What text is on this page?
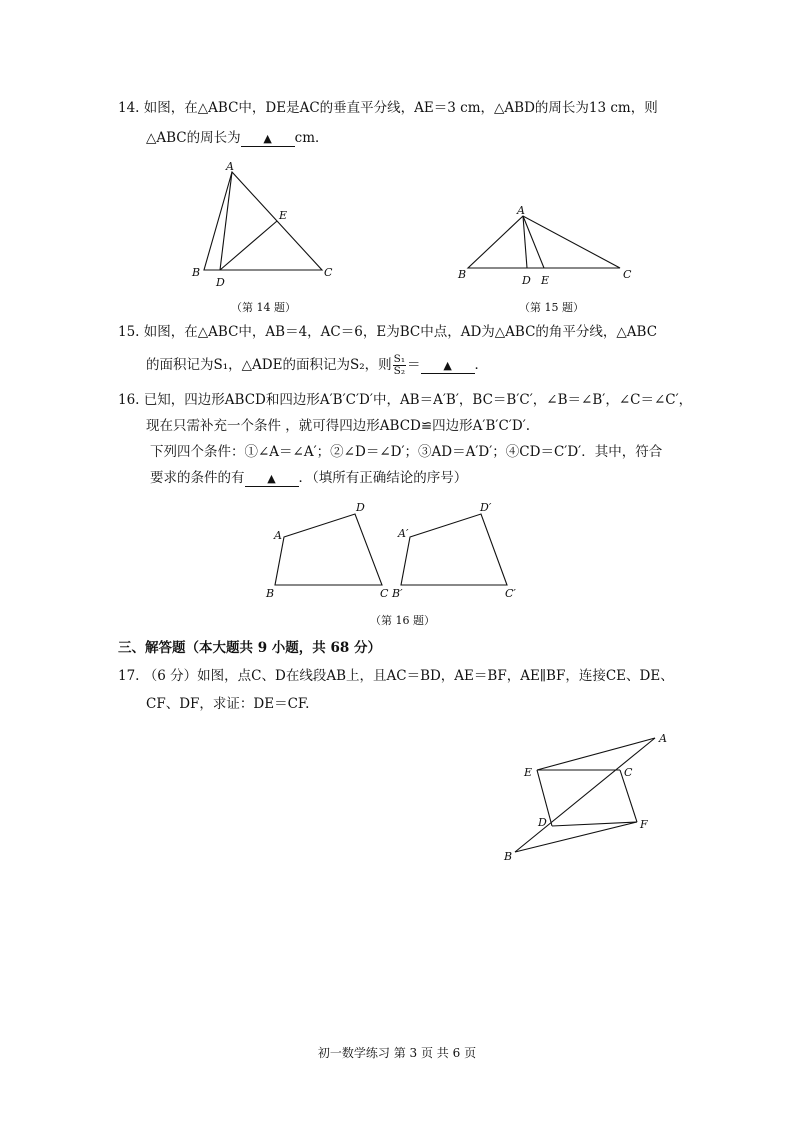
14. 如图，在△ABC中，DE是AC的垂直平分线，AE＝3 cm，△ABD的周长为13 cm，则
△ABC的周长为 ▲ cm．
A
B	C
D
E
（第 14 题）
A
B	C
D E
（第 15 题）
15. 如图，在△ABC中，AB＝4，AC＝6，E为BC中点，AD为△ABC的角平分线，△ABC
的面积记为S₁，△ADE的面积记为S₂，则 $\frac{\text{S₁}}{\text{S₂}}$ ＝ ▲ ．
16. 已知，四边形ABCD和四边形A′B′C′D′中，AB＝A′B′，BC＝B′C′，∠B＝∠B′，∠C＝∠C′，
现在只需补充一个条件 ，就可得四边形ABCD≌四边形A′B′C′D′.
下列四个条件：①∠A＝∠A′；②∠D＝∠D′；③AD＝A′D′；④CD＝C′D′．其中，符合
要求的条件的有 ▲ ．（填所有正确结论的序号）
A
D
B	C
A′
D′
B′	C′
（第 16 题）
三、解答题（本大题共 9 小题，共 68 分）
17. （6 分）如图，点C、D在线段AB上，且AC＝BD，AE＝BF，AE∥BF，连接CE、DE、
CF、DF，求证：DE＝CF.
A
E	C
D	F
B
初一数学练习 第 3 页 共 6 页
